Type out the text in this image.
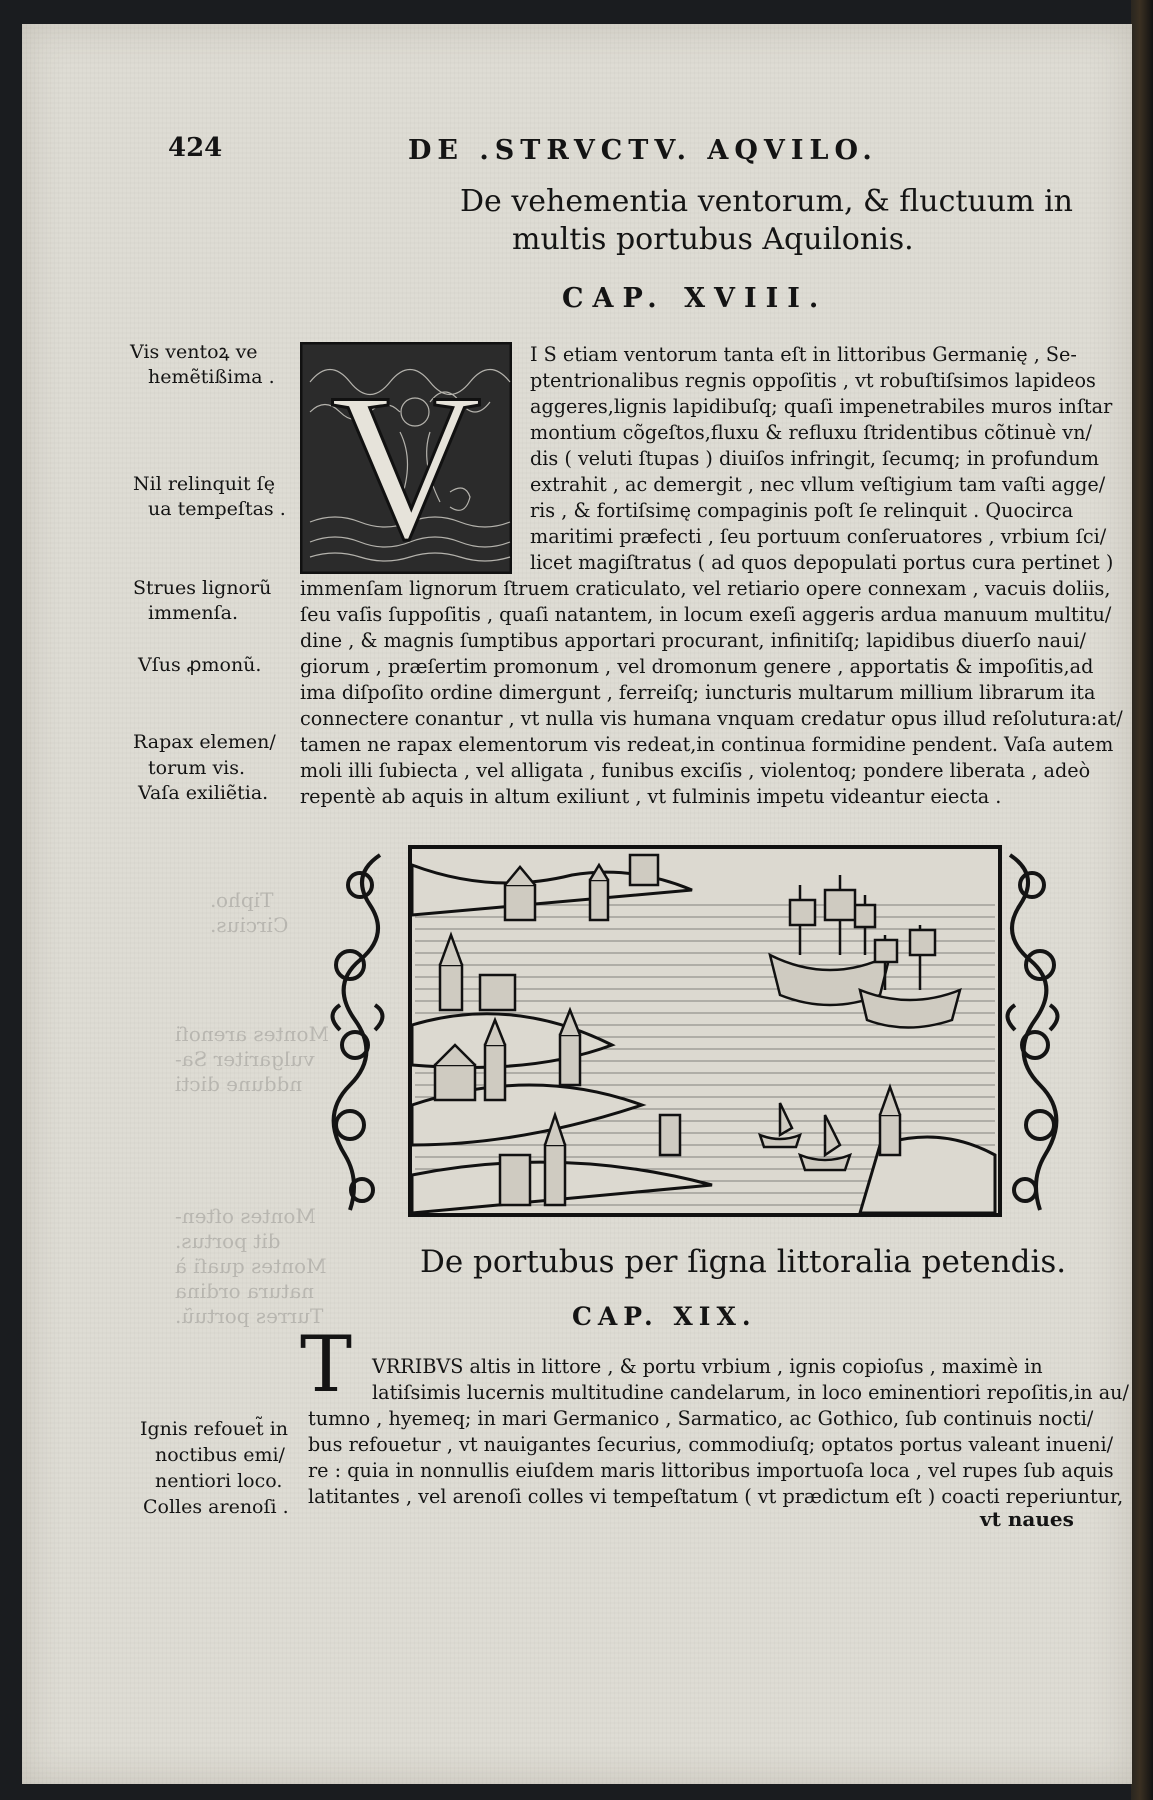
Tipho.
Circius.
Montes arenoſi
vulgariter Sa-
nddune dicti
Montes oſten-
dit portus.
Montes quaſi à
natura ordina
Turres portuũ.
424	DE .STRVCTV. AQVILO.
De vehementia ventorum, & fluctuum in
multis portubus Aquilonis.
CAP. XVIII.
Vis ventoꝝ ve
hemẽtißima .
Nil relinquit ſę
ua tempeſtas .
Strues lignorũ
immenſa.
Vſus ꝓmonũ.
Rapax elemen/
torum vis.
Vaſa exiliẽtia.
V	I S etiam ventorum tanta eſt in littoribus Germanię , Se-
ptentrionalibus regnis oppoſitis , vt robuſtiſsimos lapideos
aggeres,lignis lapidibuſq; quaſi impenetrabiles muros inſtar
montium cõgeſtos,fluxu & refluxu ſtridentibus cõtinuè vn/
dis ( veluti ſtupas ) diuiſos infringit, ſecumq; in profundum
extrahit , ac demergit , nec vllum veſtigium tam vaſti agge/
ris , & fortiſsimę compaginis poſt ſe relinquit . Quocirca
maritimi præfecti , ſeu portuum conſeruatores , vrbium ſci/
licet magiſtratus ( ad quos depopulati portus cura pertinet )
immenſam lignorum ſtruem craticulato, vel retiario opere connexam , vacuis doliis,
ſeu vaſis ſuppoſitis , quaſi natantem, in locum exeſi aggeris ardua manuum multitu/
dine , & magnis ſumptibus apportari procurant, infinitiſq; lapidibus diuerſo naui/
giorum , præſertim promonum , vel dromonum genere , apportatis & impoſitis,ad
ima diſpoſito ordine dimergunt , ferreiſq; iuncturis multarum millium librarum ita
connectere conantur , vt nulla vis humana vnquam credatur opus illud reſolutura:at/
tamen ne rapax elementorum vis redeat,in continua formidine pendent. Vaſa autem
moli illi ſubiecta , vel alligata , funibus exciſis , violentoq; pondere liberata , adeò
repentè ab aquis in altum exiliunt , vt fulminis impetu videantur eiecta .
De portubus per ſigna littoralia petendis.
CAP. XIX.
T
Ignis refouet̃ in
noctibus emi/
nentiori loco.
Colles arenoſi .
VRRIBVS altis in littore , & portu vrbium , ignis copioſus , maximè in
latiſsimis lucernis multitudine candelarum, in loco eminentiori repoſitis,in au/
tumno , hyemeq; in mari Germanico , Sarmatico, ac Gothico, ſub continuis nocti/
bus refouetur , vt nauigantes ſecurius, commodiuſq; optatos portus valeant inueni/
re : quia in nonnullis eiuſdem maris littoribus importuoſa loca , vel rupes ſub aquis
latitantes , vel arenoſi colles vi tempeſtatum ( vt prædictum eſt ) coacti reperiuntur,
vt naues
